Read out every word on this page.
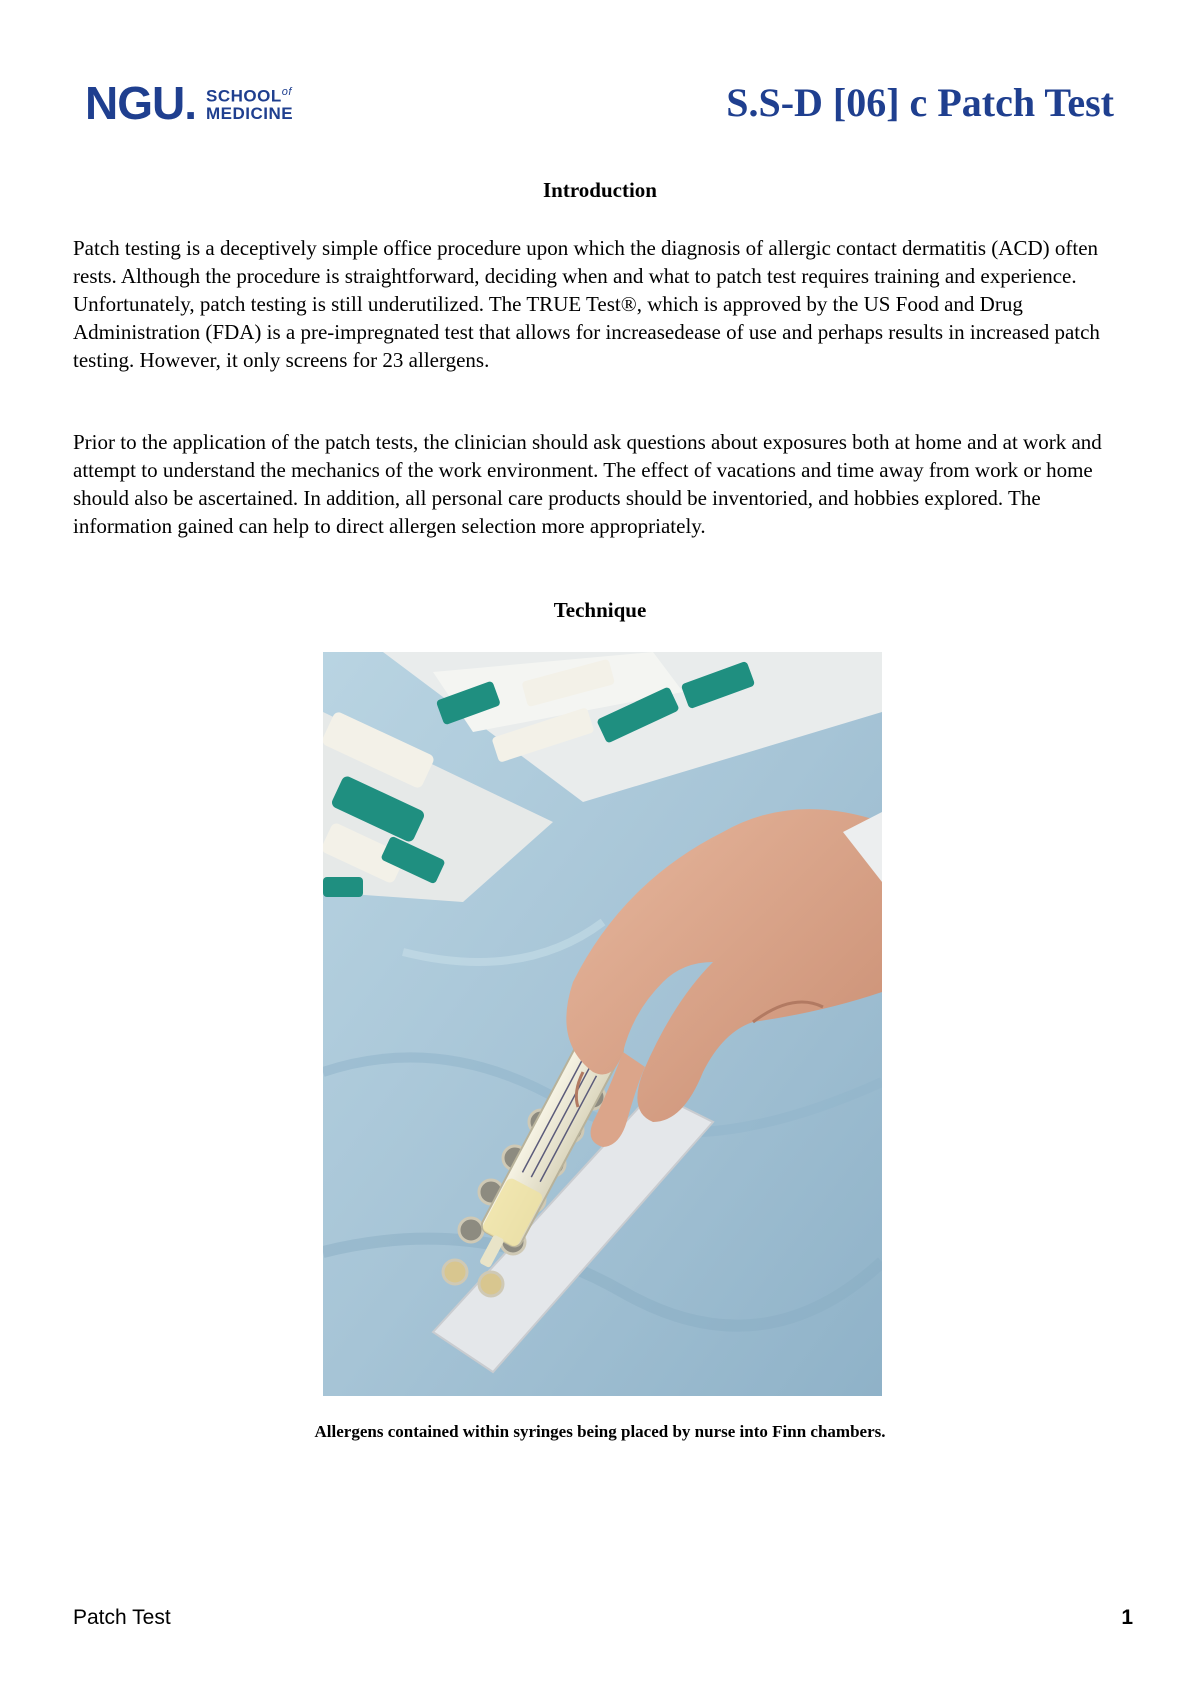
NGU. $SCHOOL^{of}$
MEDICINE	S.S-D [06] c Patch Test
Introduction

Patch testing is a deceptively simple office procedure upon which the diagnosis of allergic contact dermatitis (ACD) often rests. Although the procedure is straightforward, deciding when and what to patch test requires training and experience. Unfortunately, patch testing is still underutilized. The TRUE Test®, which is approved by the US Food and Drug Administration (FDA) is a pre-impregnated test that allows for increasedease of use and perhaps results in increased patch testing. However, it only screens for 23 allergens.

Prior to the application of the patch tests, the clinician should ask questions about exposures both at home and at work and attempt to understand the mechanics of the work environment. The effect of vacations and time away from work or home should also be ascertained. In addition, all personal care products should be inventoried, and hobbies explored. The information gained can help to direct allergen selection more appropriately.

Technique
Allergens contained within syringes being placed by nurse into Finn chambers.
Patch Test	1
